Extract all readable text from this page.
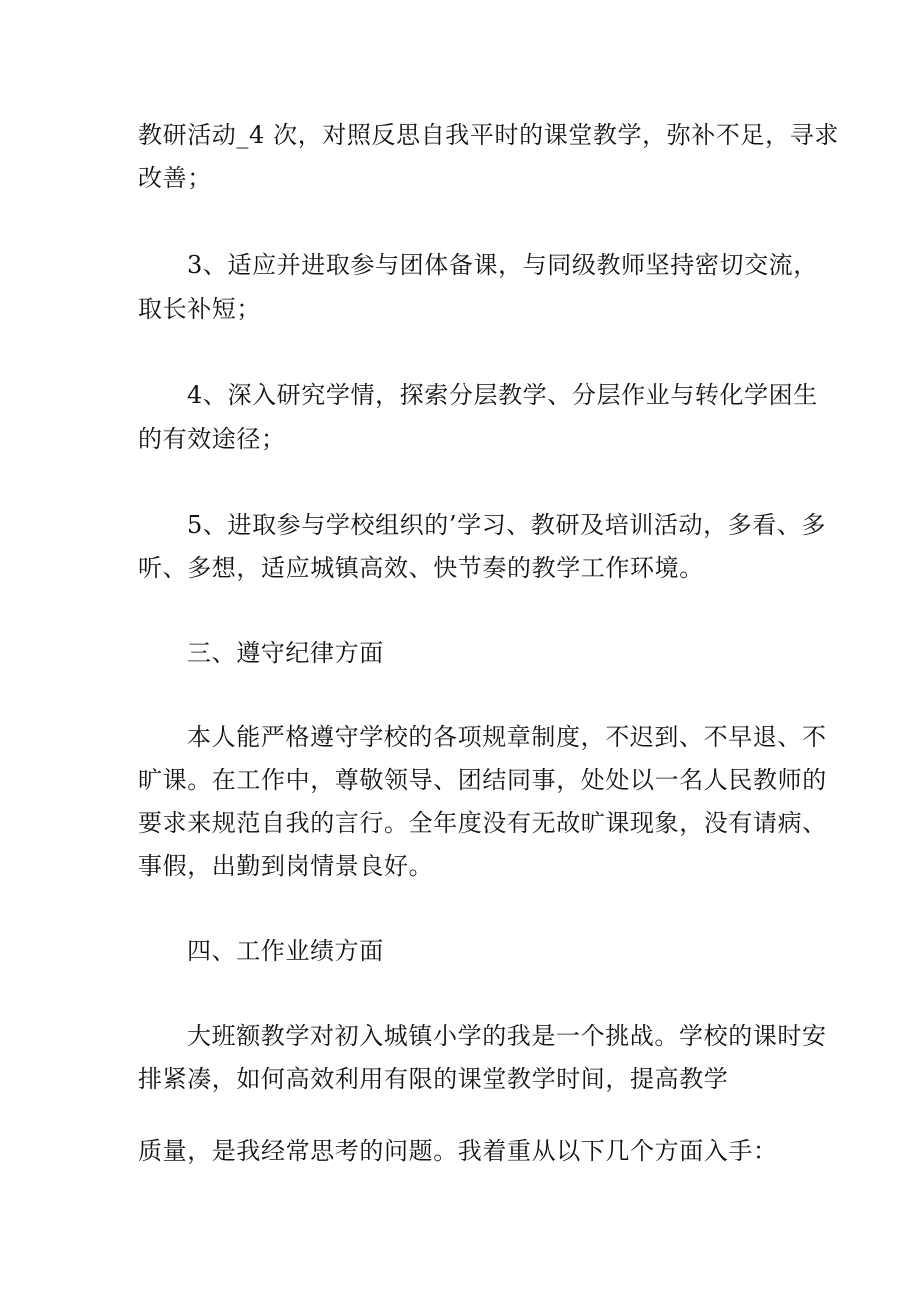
教研活动_4 次，对照反思自我平时的课堂教学，弥补不足，寻求
改善；
3、适应并进取参与团体备课，与同级教师坚持密切交流，
取长补短；
4、深入研究学情，探索分层教学、分层作业与转化学困生
的有效途径；
5、进取参与学校组织的’学习、教研及培训活动，多看、多
听、多想，适应城镇高效、快节奏的教学工作环境。
三、遵守纪律方面
本人能严格遵守学校的各项规章制度，不迟到、不早退、不
旷课。在工作中，尊敬领导、团结同事，处处以一名人民教师的
要求来规范自我的言行。全年度没有无故旷课现象，没有请病、
事假，出勤到岗情景良好。
四、工作业绩方面
大班额教学对初入城镇小学的我是一个挑战。学校的课时安
排紧凑，如何高效利用有限的课堂教学时间，提高教学
质量，是我经常思考的问题。我着重从以下几个方面入手：
